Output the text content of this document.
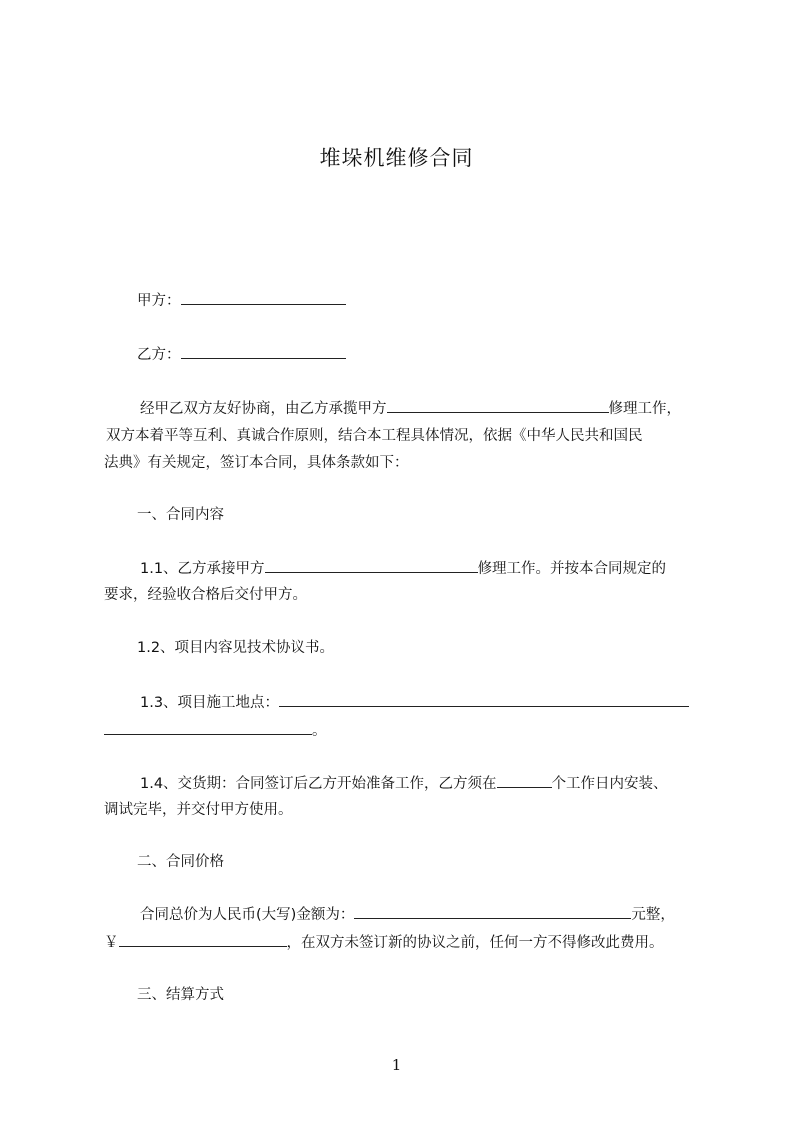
堆垛机维修合同
甲方：
乙方：
经甲乙双方友好协商，由乙方承揽甲方	修理工作，
双方本着平等互利、真诚合作原则，结合本工程具体情况，依据《中华人民共和国民
法典》有关规定，签订本合同，具体条款如下：
一、合同内容
1.1、乙方承接甲方	修理工作。并按本合同规定的
要求，经验收合格后交付甲方。
1.2、项目内容见技术协议书。
1.3、项目施工地点：
。
1.4、交货期：合同签订后乙方开始准备工作，乙方须在	个工作日内安装、
调试完毕，并交付甲方使用。
二、合同价格
合同总价为人民币(大写)金额为：	元整，
￥	，在双方未签订新的协议之前，任何一方不得修改此费用。
三、结算方式
1
